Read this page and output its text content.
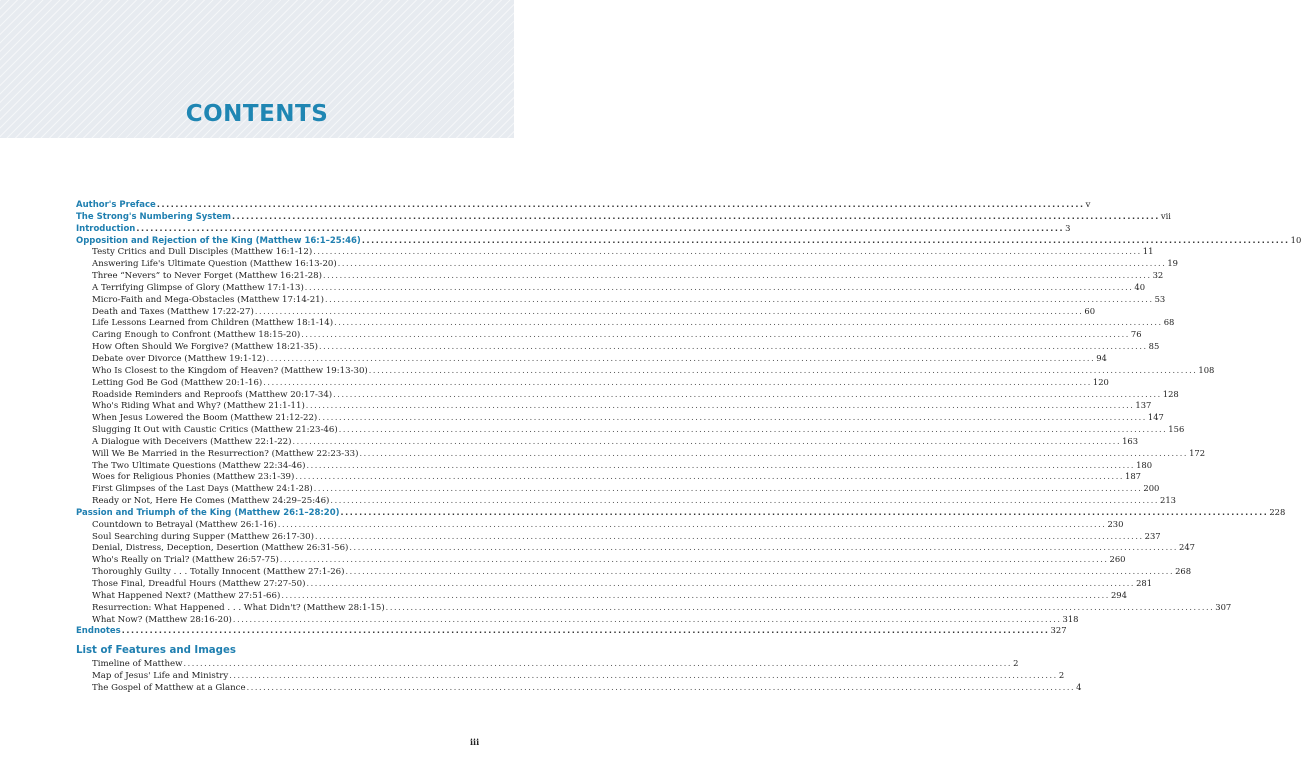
CONTENTS
Author's Preface ........................................................................................................................................................................................................ v
The Strong's Numbering System ........................................................................................................................................................................................................ vii
Introduction ........................................................................................................................................................................................................ 3
Opposition and Rejection of the King (Matthew 16:1–25:46) ........................................................................................................................................................................................................ 10
Testy Critics and Dull Disciples (Matthew 16:1-12) ........................................................................................................................................................................................................ 11
Answering Life's Ultimate Question (Matthew 16:13-20) ........................................................................................................................................................................................................ 19
Three “Nevers” to Never Forget (Matthew 16:21-28) ........................................................................................................................................................................................................ 32
A Terrifying Glimpse of Glory (Matthew 17:1-13) ........................................................................................................................................................................................................ 40
Micro-Faith and Mega-Obstacles (Matthew 17:14-21) ........................................................................................................................................................................................................ 53
Death and Taxes (Matthew 17:22-27) ........................................................................................................................................................................................................ 60
Life Lessons Learned from Children (Matthew 18:1-14) ........................................................................................................................................................................................................ 68
Caring Enough to Confront (Matthew 18:15-20) ........................................................................................................................................................................................................ 76
How Often Should We Forgive? (Matthew 18:21-35) ........................................................................................................................................................................................................ 85
Debate over Divorce (Matthew 19:1-12) ........................................................................................................................................................................................................ 94
Who Is Closest to the Kingdom of Heaven? (Matthew 19:13-30) ........................................................................................................................................................................................................ 108
Letting God Be God (Matthew 20:1-16) ........................................................................................................................................................................................................ 120
Roadside Reminders and Reproofs (Matthew 20:17-34) ........................................................................................................................................................................................................ 128
Who's Riding What and Why? (Matthew 21:1-11) ........................................................................................................................................................................................................ 137
When Jesus Lowered the Boom (Matthew 21:12-22) ........................................................................................................................................................................................................ 147
Slugging It Out with Caustic Critics (Matthew 21:23-46) ........................................................................................................................................................................................................ 156
A Dialogue with Deceivers (Matthew 22:1-22) ........................................................................................................................................................................................................ 163
Will We Be Married in the Resurrection? (Matthew 22:23-33) ........................................................................................................................................................................................................ 172
The Two Ultimate Questions (Matthew 22:34-46) ........................................................................................................................................................................................................ 180
Woes for Religious Phonies (Matthew 23:1-39) ........................................................................................................................................................................................................ 187
First Glimpses of the Last Days (Matthew 24:1-28) ........................................................................................................................................................................................................ 200
Ready or Not, Here He Comes (Matthew 24:29–25:46) ........................................................................................................................................................................................................ 213
Passion and Triumph of the King (Matthew 26:1–28:20) ........................................................................................................................................................................................................ 228
Countdown to Betrayal (Matthew 26:1-16) ........................................................................................................................................................................................................ 230
Soul Searching during Supper (Matthew 26:17-30) ........................................................................................................................................................................................................ 237
Denial, Distress, Deception, Desertion (Matthew 26:31-56) ........................................................................................................................................................................................................ 247
Who's Really on Trial? (Matthew 26:57-75) ........................................................................................................................................................................................................ 260
Thoroughly Guilty . . . Totally Innocent (Matthew 27:1-26) ........................................................................................................................................................................................................ 268
Those Final, Dreadful Hours (Matthew 27:27-50) ........................................................................................................................................................................................................ 281
What Happened Next? (Matthew 27:51-66) ........................................................................................................................................................................................................ 294
Resurrection: What Happened . . . What Didn't? (Matthew 28:1-15) ........................................................................................................................................................................................................ 307
What Now? (Matthew 28:16-20) ........................................................................................................................................................................................................ 318
Endnotes ........................................................................................................................................................................................................ 327
List of Features and Images
Timeline of Matthew ........................................................................................................................................................................................................ 2
Map of Jesus' Life and Ministry ........................................................................................................................................................................................................ 2
The Gospel of Matthew at a Glance ........................................................................................................................................................................................................ 4
iii
